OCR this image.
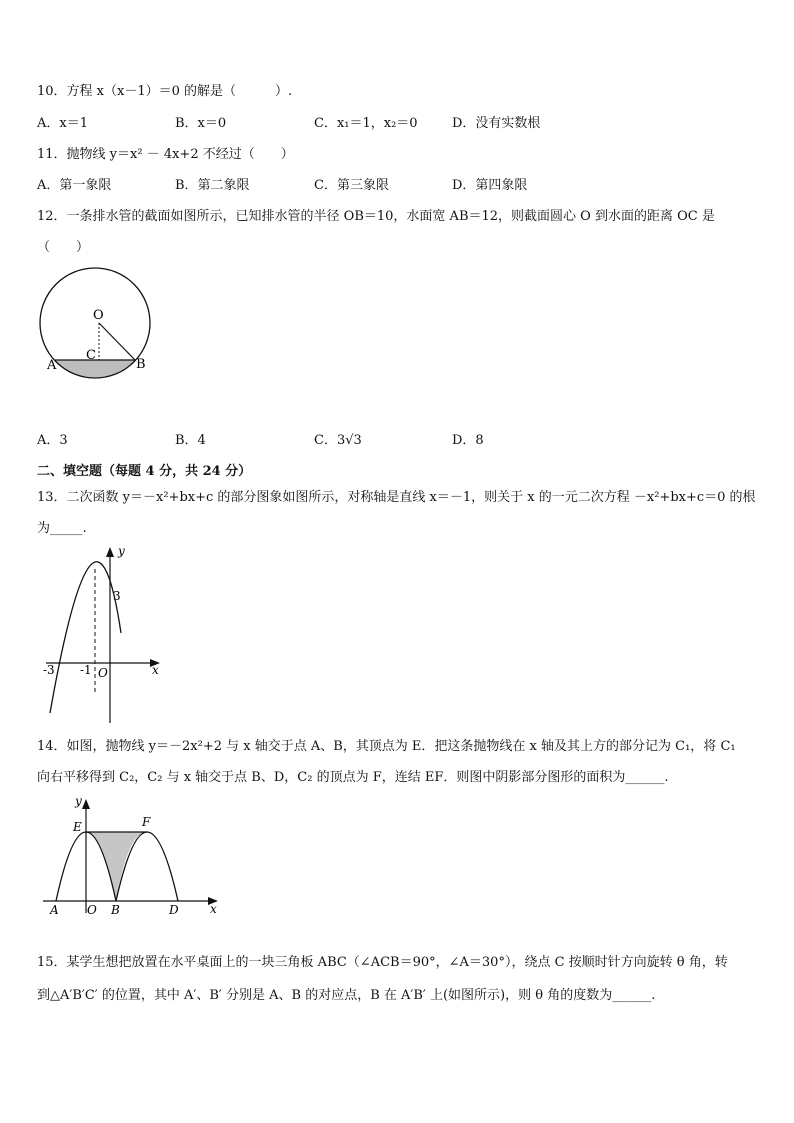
10．方程 x（x－1）＝0 的解是（　　　）.
A．x＝1	B．x＝0	C．x₁＝1，x₂＝0	D．没有实数根
11．抛物线 y＝x² － 4x+2 不经过（　　）
A．第一象限	B．第二象限	C．第三象限	D．第四象限
12．一条排水管的截面如图所示，已知排水管的半径 OB＝10，水面宽 AB＝12，则截面圆心 O 到水面的距离 OC 是
（　　）
O
C
A	B
A．3	B．4	C．3√3	D．8
二、填空题（每题 4 分，共 24 分）
13．二次函数 y＝－x²+bx+c 的部分图象如图所示，对称轴是直线 x＝－1，则关于 x 的一元二次方程 －x²+bx+c＝0 的根
为_____.
y
x
3
-3 -1 O
14．如图，抛物线 y＝－2x²+2 与 x 轴交于点 A、B，其顶点为 E．把这条抛物线在 x 轴及其上方的部分记为 C₁，将 C₁
向右平移得到 C₂，C₂ 与 x 轴交于点 B、D，C₂ 的顶点为 F，连结 EF．则图中阴影部分图形的面积为______.
y
E	F
A O B	D	x
15．某学生想把放置在水平桌面上的一块三角板 ABC（∠ACB＝90°，∠A＝30°），绕点 C 按顺时针方向旋转 θ 角，转
到△A′B′C′ 的位置，其中 A′、B′ 分别是 A、B 的对应点，B 在 A′B′ 上(如图所示)，则 θ 角的度数为______.
